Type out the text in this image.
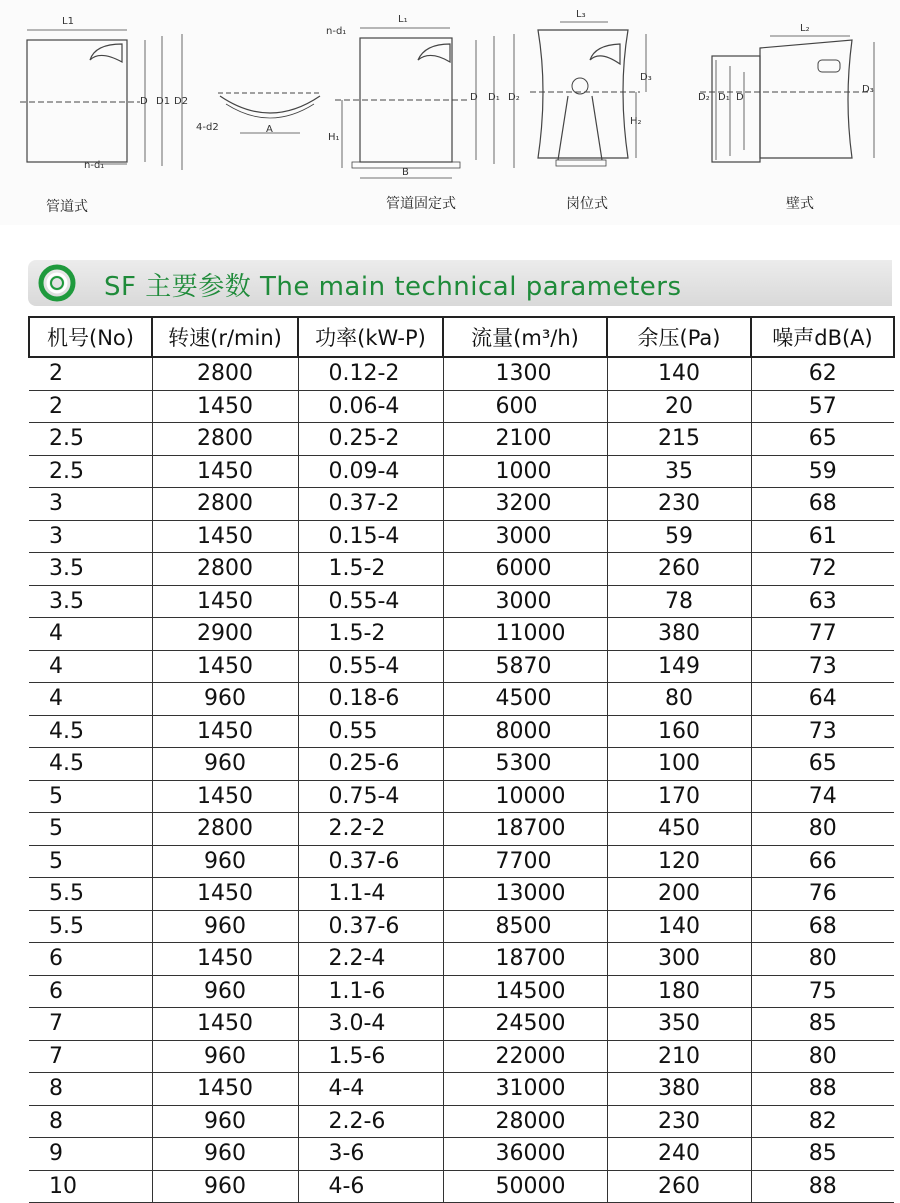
L1
D D1 D2
n-d₁
4-d2	A
n-d₁
L₁
D D₁ D₂
H₁
B
L₃
D₃
H₂
L₂
D₂ D₁ D
D₃
管道式	管道固定式	岗位式	壁式
SF 主要参数 The main technical parameters
机号(No)	转速(r/min)	功率(kW-P)	流量(m³/h)	余压(Pa)	噪声dB(A)
2	2800	0.12-2	1300	140	62
2	1450	0.06-4	600	20	57
2.5	2800	0.25-2	2100	215	65
2.5	1450	0.09-4	1000	35	59
3	2800	0.37-2	3200	230	68
3	1450	0.15-4	3000	59	61
3.5	2800	1.5-2	6000	260	72
3.5	1450	0.55-4	3000	78	63
4	2900	1.5-2	11000	380	77
4	1450	0.55-4	5870	149	73
4	960	0.18-6	4500	80	64
4.5	1450	0.55	8000	160	73
4.5	960	0.25-6	5300	100	65
5	1450	0.75-4	10000	170	74
5	2800	2.2-2	18700	450	80
5	960	0.37-6	7700	120	66
5.5	1450	1.1-4	13000	200	76
5.5	960	0.37-6	8500	140	68
6	1450	2.2-4	18700	300	80
6	960	1.1-6	14500	180	75
7	1450	3.0-4	24500	350	85
7	960	1.5-6	22000	210	80
8	1450	4-4	31000	380	88
8	960	2.2-6	28000	230	82
9	960	3-6	36000	240	85
10	960	4-6	50000	260	88
